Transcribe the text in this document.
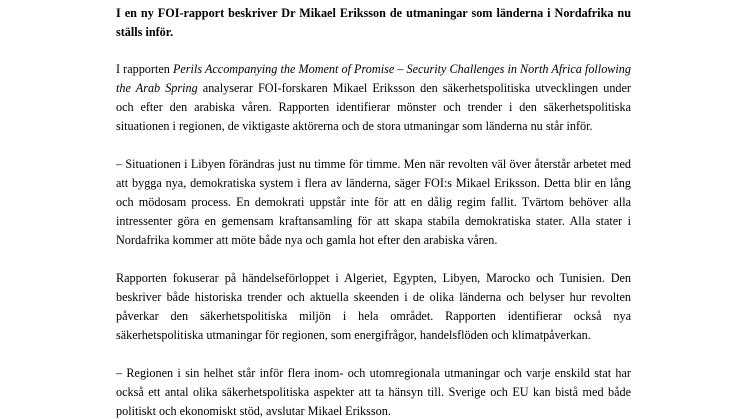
I en ny FOI-rapport beskriver Dr Mikael Eriksson de utmaningar som länderna i Nordafrika nu ställs inför.

I rapporten Perils Accompanying the Moment of Promise – Security Challenges in North Africa following the Arab Spring analyserar FOI-forskaren Mikael Eriksson den säkerhetspolitiska utvecklingen under och efter den arabiska våren. Rapporten identifierar mönster och trender i den säkerhetspolitiska situationen i regionen, de viktigaste aktörerna och de stora utmaningar som länderna nu står inför.

– Situationen i Libyen förändras just nu timme för timme. Men när revolten väl över återstår arbetet med att bygga nya, demokratiska system i flera av länderna, säger FOI:s Mikael Eriksson. Detta blir en lång och mödosam process. En demokrati uppstår inte för att en dålig regim fallit. Tvärtom behöver alla intressenter göra en gemensam kraftansamling för att skapa stabila demokratiska stater. Alla stater i Nordafrika kommer att möte både nya och gamla hot efter den arabiska våren.

Rapporten fokuserar på händelseförloppet i Algeriet, Egypten, Libyen, Marocko och Tunisien. Den beskriver både historiska trender och aktuella skeenden i de olika länderna och belyser hur revolten påverkar den säkerhetspolitiska miljön i hela området. Rapporten identifierar också nya säkerhetspolitiska utmaningar för regionen, som energifrågor, handelsflöden och klimatpåverkan.

– Regionen i sin helhet står inför flera inom- och utomregionala utmaningar och varje enskild stat har också ett antal olika säkerhetspolitiska aspekter att ta hänsyn till. Sverige och EU kan bistå med både politiskt och ekonomiskt stöd, avslutar Mikael Eriksson.
